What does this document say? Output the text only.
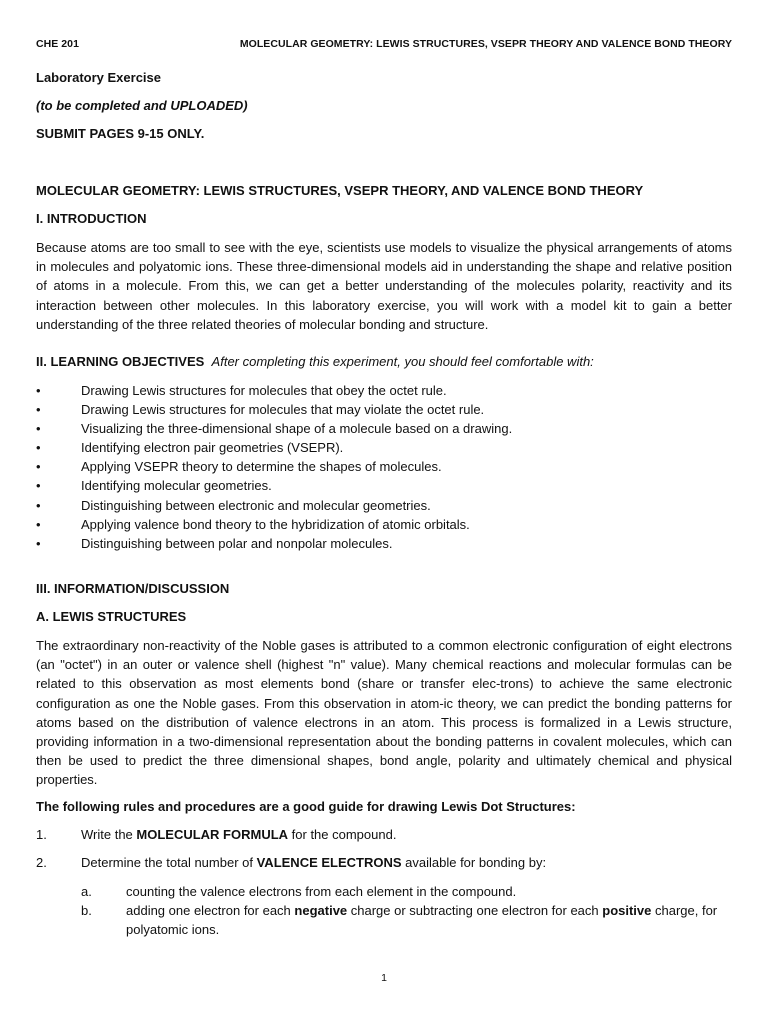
CHE 201	MOLECULAR GEOMETRY: LEWIS STRUCTURES, VSEPR THEORY AND VALENCE BOND THEORY
Laboratory Exercise
(to be completed and UPLOADED)
SUBMIT PAGES 9-15 ONLY.
MOLECULAR GEOMETRY: LEWIS STRUCTURES, VSEPR THEORY, AND VALENCE BOND THEORY
I. INTRODUCTION
Because atoms are too small to see with the eye, scientists use models to visualize the physical arrangements of atoms in molecules and polyatomic ions. These three-dimensional models aid in understanding the shape and relative position of atoms in a molecule. From this, we can get a better understanding of the molecules polarity, reactivity and its interaction between other molecules. In this laboratory exercise, you will work with a model kit to gain a better understanding of the three related theories of molecular bonding and structure.
II. LEARNING OBJECTIVES After completing this experiment, you should feel comfortable with:
•	Drawing Lewis structures for molecules that obey the octet rule.
•	Drawing Lewis structures for molecules that may violate the octet rule.
•	Visualizing the three-dimensional shape of a molecule based on a drawing.
•	Identifying electron pair geometries (VSEPR).
•	Applying VSEPR theory to determine the shapes of molecules.
•	Identifying molecular geometries.
•	Distinguishing between electronic and molecular geometries.
•	Applying valence bond theory to the hybridization of atomic orbitals.
•	Distinguishing between polar and nonpolar molecules.
III. INFORMATION/DISCUSSION
A. LEWIS STRUCTURES
The extraordinary non-reactivity of the Noble gases is attributed to a common electronic configuration of eight electrons (an "octet") in an outer or valence shell (highest "n" value). Many chemical reactions and molecular formulas can be related to this observation as most elements bond (share or transfer elec-trons) to achieve the same electronic configuration as one the Noble gases. From this observation in atom-ic theory, we can predict the bonding patterns for atoms based on the distribution of valence electrons in an atom. This process is formalized in a Lewis structure, providing information in a two-dimensional representation about the bonding patterns in covalent molecules, which can then be used to predict the three dimensional shapes, bond angle, polarity and ultimately chemical and physical properties.
The following rules and procedures are a good guide for drawing Lewis Dot Structures:
1.	Write the MOLECULAR FORMULA for the compound.
2.	Determine the total number of VALENCE ELECTRONS available for bonding by:
a.	counting the valence electrons from each element in the compound.
b.	adding one electron for each negative charge or subtracting one electron for each positive charge, for polyatomic ions.
1
